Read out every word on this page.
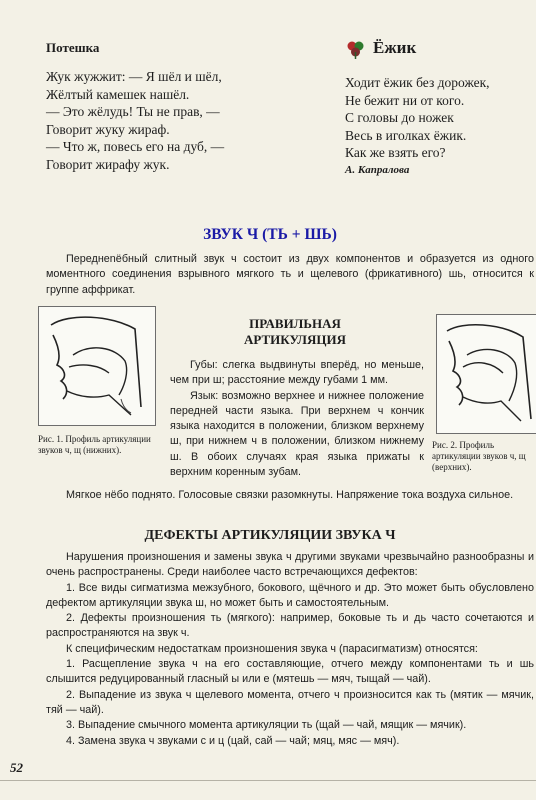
Потешка
Жук жужжит: — Я шёл и шёл,
Жёлтый камешек нашёл.
— Это жёлудь! Ты не прав, —
Говорит жуку жираф.
— Что ж, повесь его на дуб, —
Говорит жирафу жук.
Ёжик
Ходит ёжик без дорожек,
Не бежит ни от кого.
С головы до ножек
Весь в иголках ёжик.
Как же взять его?
А. Капралова
ЗВУК Ч (ТЬ + ШЬ)
Переднеnёбный слитный звук ч состоит из двух компонентов и образуется из одного моментного соединения взрывного мягкого ть и щелевого (фрикативного) шь, относится к группе аффрикат.
Рис. 1. Профиль артикуляции звуков ч, щ (нижних).	Рис. 2. Профиль артикуляции звуков ч, щ (верхних).
ПРАВИЛЬНАЯ
АРТИКУЛЯЦИЯ

Губы: слегка выдвинуты вперёд, но меньше, чем при ш; расстояние между губами 1 мм.

Язык: возможно верхнее и нижнее положение передней части языка. При верхнем ч кончик языка находится в положении, близком верхнему ш, при нижнем ч в положении, близком нижнему ш. В обоих случаях края языка прижаты к верхним коренным зубам.

Мягкое нёбо поднято. Голосовые связки разомкнуты. Напряжение тока воздуха сильное.
ДЕФЕКТЫ АРТИКУЛЯЦИИ ЗВУКА Ч

Нарушения произношения и замены звука ч другими звуками чрезвычайно разнообразны и очень распространены. Среди наиболее часто встречающихся дефектов:

1. Все виды сигматизма межзубного, бокового, щёчного и др. Это может быть обусловлено дефектом артикуляции звука ш, но может быть и самостоятельным.

2. Дефекты произношения ть (мягкого): например, боковые ть и дь часто сочетаются и распространяются на звук ч.

К специфическим недостаткам произношения звука ч (парасигматизм) относятся:

1. Расщепление звука ч на его составляющие, отчего между компонентами ть и шь слышится редуцированный гласный ы или е (мятешь — мяч, тыщай — чай).

2. Выпадение из звука ч щелевого момента, отчего ч произносится как ть (мятик — мячик, тяй — чай).

3. Выпадение смычного момента артикуляции ть (щай — чай, мящик — мячик).

4. Замена звука ч звуками с и ц (цай, сай — чай; мяц, мяс — мяч).

52
